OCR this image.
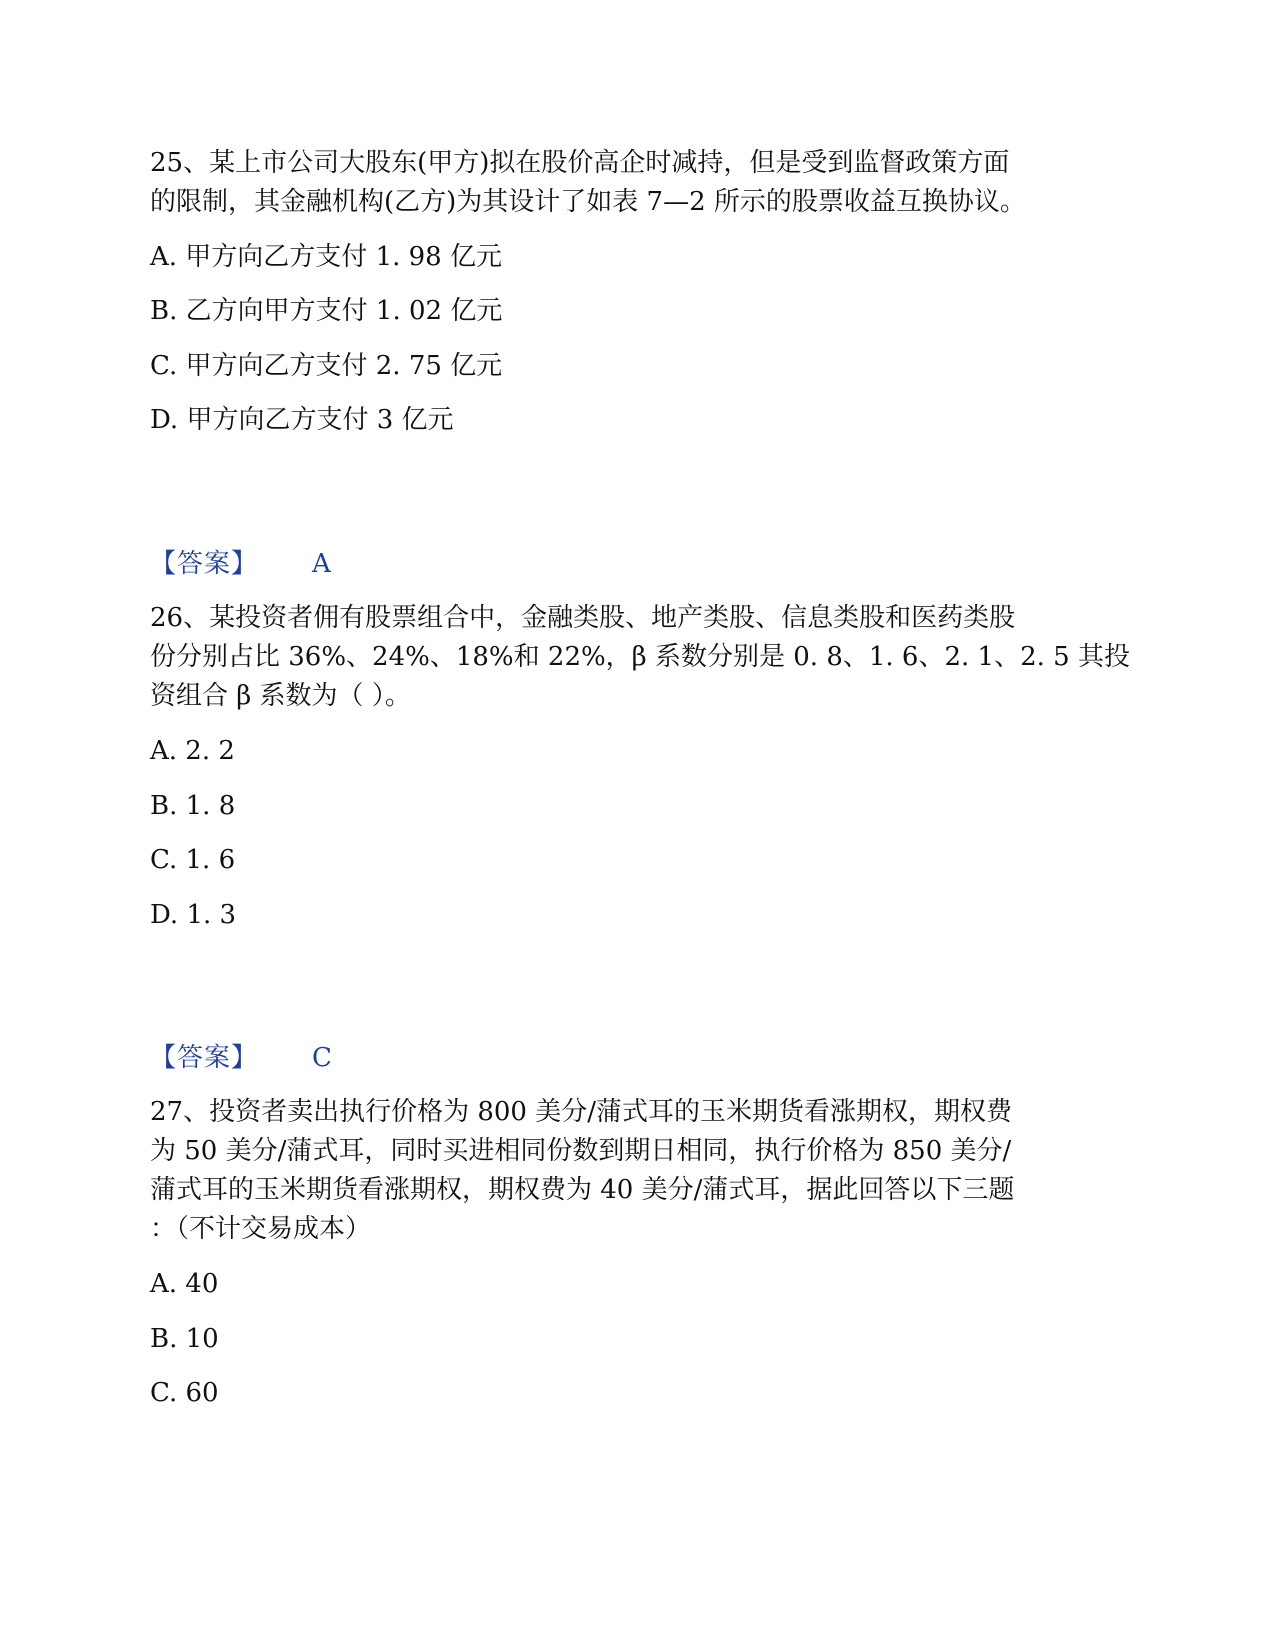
25、某上市公司大股东(甲方)拟在股价高企时减持，但是受到监督政策方面
的限制，其金融机构(乙方)为其设计了如表 7—2 所示的股票收益互换协议。
A. 甲方向乙方支付 1. 98 亿元
B. 乙方向甲方支付 1. 02 亿元
C. 甲方向乙方支付 2. 75 亿元
D. 甲方向乙方支付 3 亿元
【答案】 A
26、某投资者佣有股票组合中，金融类股、地产类股、信息类股和医药类股
份分别占比 36%、24%、18%和 22%，β 系数分别是 0. 8、1. 6、2. 1、2. 5 其投
资组合 β 系数为（ ）。
A. 2. 2
B. 1. 8
C. 1. 6
D. 1. 3
【答案】 C
27、投资者卖出执行价格为 800 美分/蒲式耳的玉米期货看涨期权，期权费
为 50 美分/蒲式耳，同时买进相同份数到期日相同，执行价格为 850 美分/
蒲式耳的玉米期货看涨期权，期权费为 40 美分/蒲式耳，据此回答以下三题
：（不计交易成本）
A. 40
B. 10
C. 60
